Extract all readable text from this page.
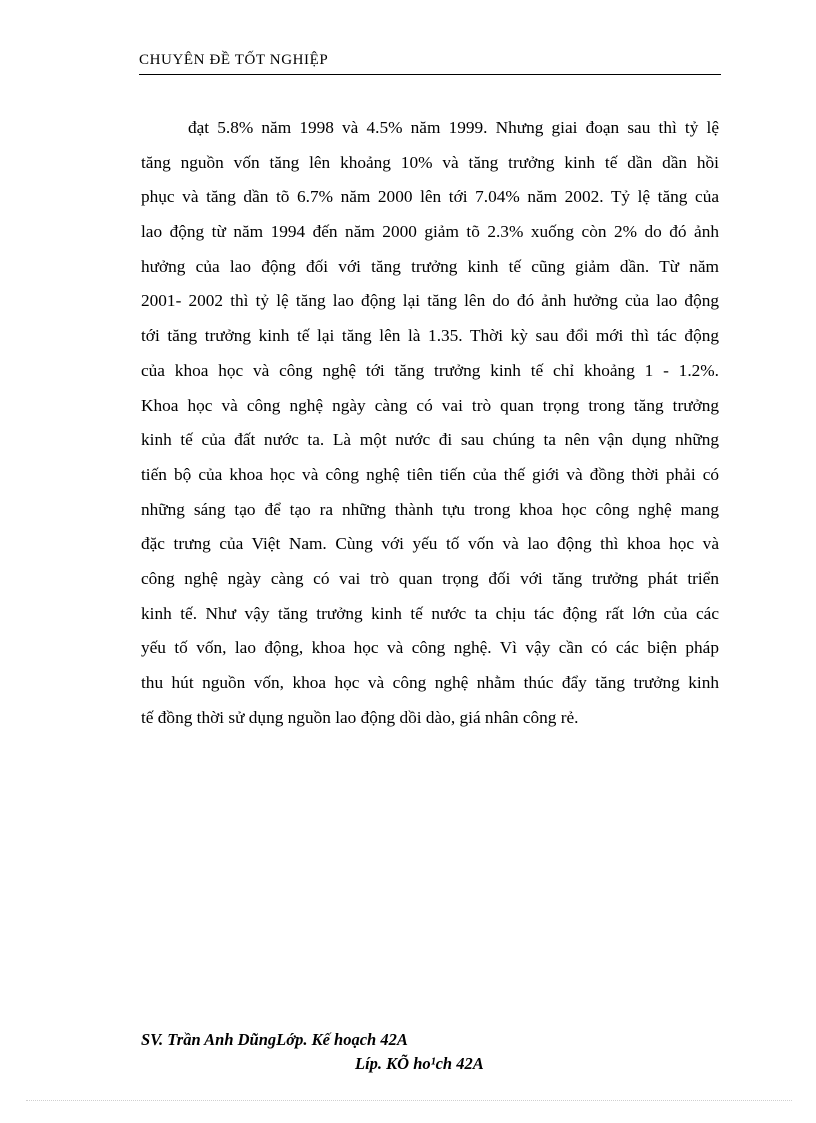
CHUYÊN ĐỀ TỐT NGHIỆP
đạt 5.8% năm 1998 và 4.5% năm 1999. Nhưng giai đoạn sau thì tỷ lệ
tăng nguồn vốn tăng lên khoảng 10% và tăng trưởng kinh tế dần dần hồi
phục và tăng dần tõ 6.7% năm 2000 lên tới 7.04% năm 2002. Tỷ lệ tăng của
lao động từ năm 1994 đến năm 2000 giảm tõ 2.3% xuống còn 2% do đó ảnh
hưởng của lao động đối với tăng trưởng kinh tế cũng giảm dần. Từ năm
2001- 2002 thì tỷ lệ tăng lao động lại tăng lên do đó ảnh hưởng của lao động
tới tăng trưởng kinh tế lại tăng lên là 1.35. Thời kỳ sau đổi mới thì tác động
của khoa học và công nghệ tới tăng trưởng kinh tế chỉ khoảng 1 - 1.2%.
Khoa học và công nghệ ngày càng có vai trò quan trọng trong tăng trưởng
kinh tế của đất nước ta. Là một nước đi sau chúng ta nên vận dụng những
tiến bộ của khoa học và công nghệ tiên tiến của thế giới và đồng thời phải có
những sáng tạo để tạo ra những thành tựu trong khoa học công nghệ mang
đặc trưng của Việt Nam. Cùng với yếu tố vốn và lao động thì khoa học và
công nghệ ngày càng có vai trò quan trọng đối với tăng trưởng phát triển
kinh tế. Như vậy tăng trưởng kinh tế nước ta chịu tác động rất lớn của các
yếu tố vốn, lao động, khoa học và công nghệ. Vì vậy cần có các biện pháp
thu hút nguồn vốn, khoa học và công nghệ nhằm thúc đẩy tăng trưởng kinh
tế đồng thời sử dụng nguồn lao động dồi dào, giá nhân công rẻ.
SV. Trần Anh DũngLớp. Kế hoạch 42A
Líp. KÕ ho¹ch 42A
